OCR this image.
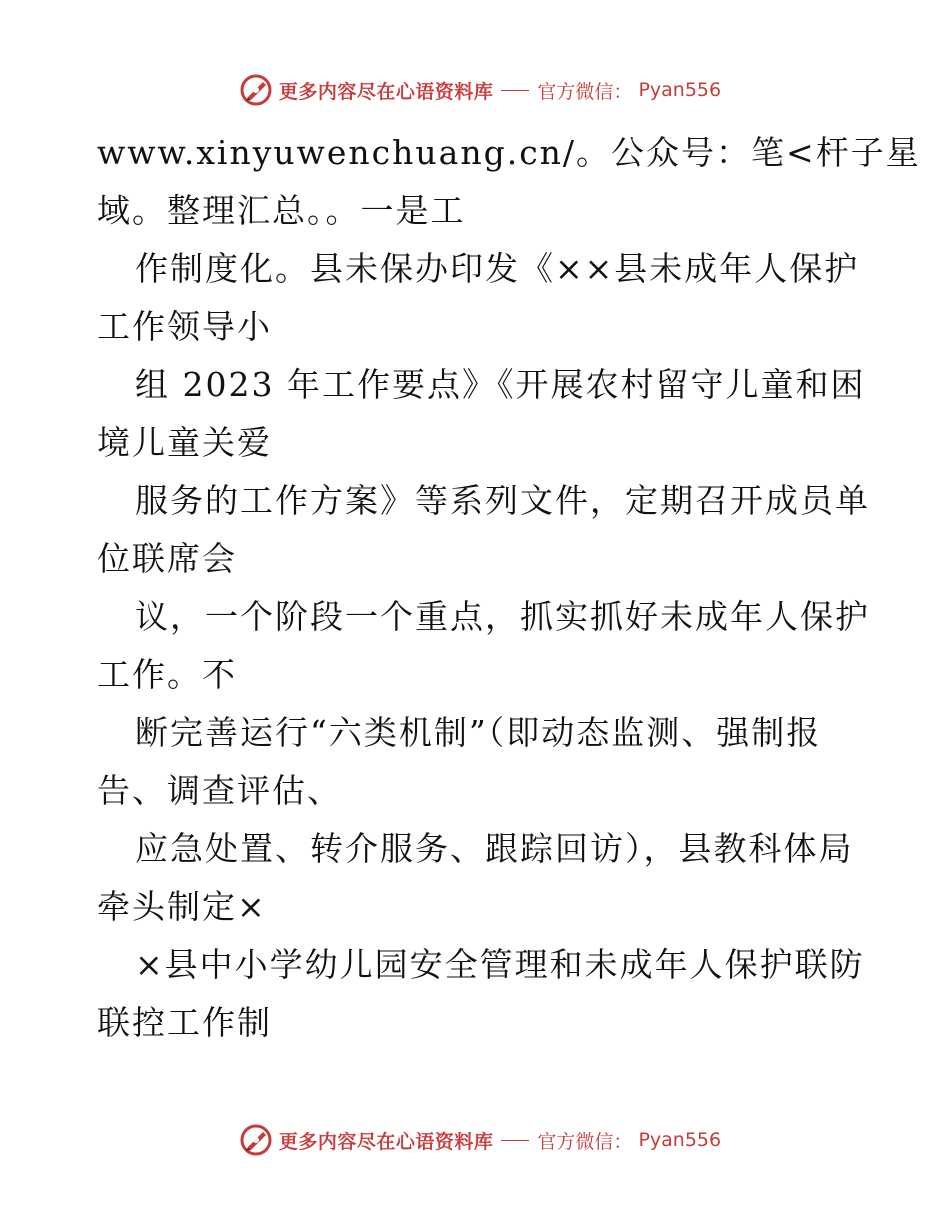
更多内容尽在心语资料库 官方微信： Pyan556
www.xinyuwenchuang.cn/。公众号：笔<杆子星
域。整理汇总。。一是工
作制度化。县未保办印发《××县未成年人保护
工作领导小
组 2023 年工作要点》《开展农村留守儿童和困
境儿童关爱
服务的工作方案》等系列文件，定期召开成员单
位联席会
议，一个阶段一个重点，抓实抓好未成年人保护
工作。不
断完善运行“六类机制”（即动态监测、强制报
告、调查评估、
应急处置、转介服务、跟踪回访），县教科体局
牵头制定×
×县中小学幼儿园安全管理和未成年人保护联防
联控工作制
更多内容尽在心语资料库 官方微信： Pyan556
